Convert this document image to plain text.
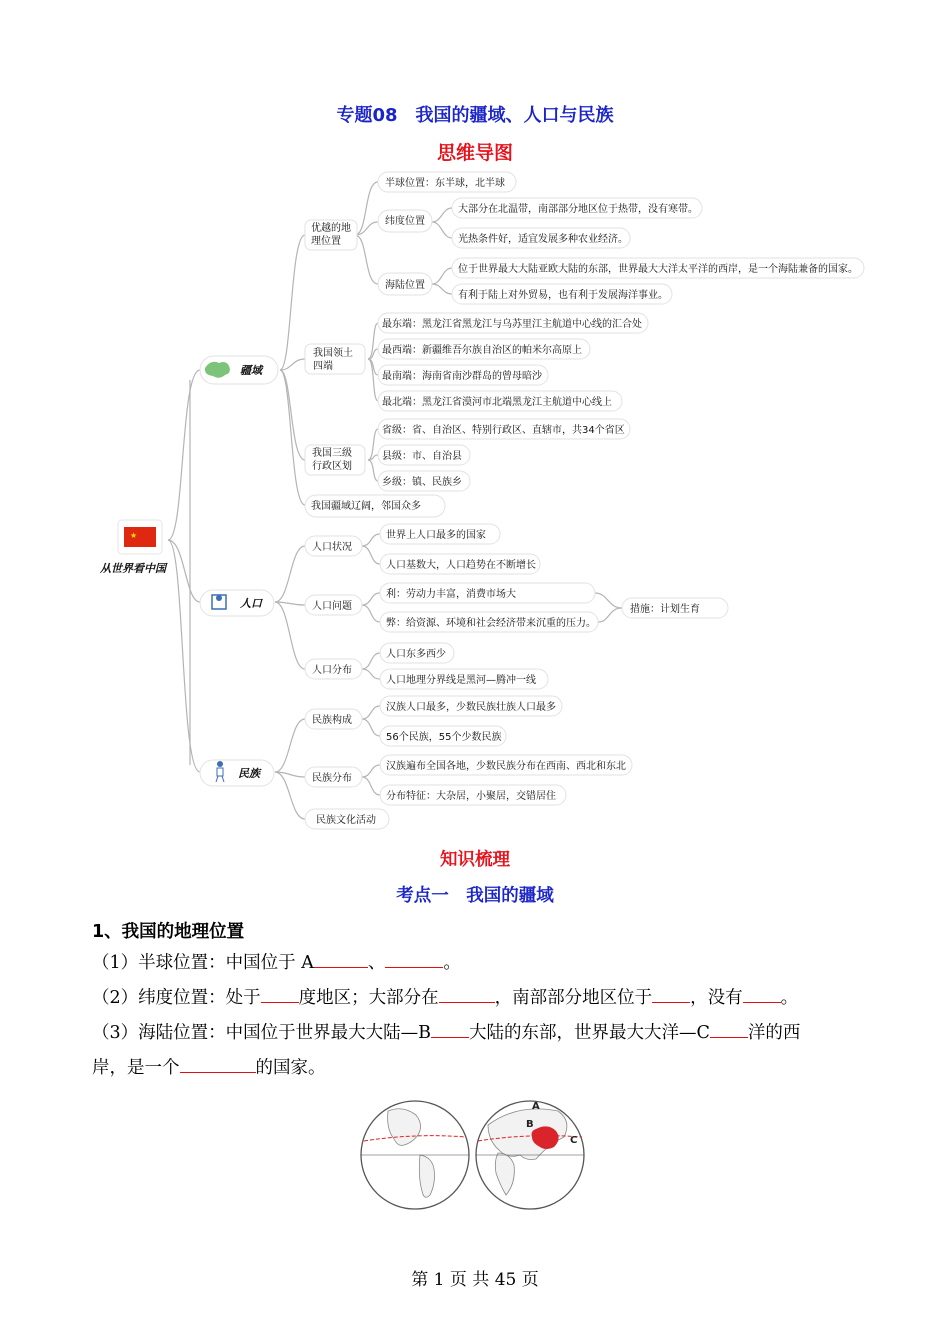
专题08　我国的疆域、人口与民族
思维导图
★
从世界看中国
疆域
人口
民族
优越的地
理位置
我国领土
四端
我国三级
行政区划
我国疆域辽阔，邻国众多
半球位置：东半球，北半球
纬度位置
大部分在北温带，南部部分地区位于热带，没有寒带。
光热条件好，适宜发展多种农业经济。
海陆位置
位于世界最大大陆亚欧大陆的东部，世界最大大洋太平洋的西岸，是一个海陆兼备的国家。
有利于陆上对外贸易，也有利于发展海洋事业。
最东端：黑龙江省黑龙江与乌苏里江主航道中心线的汇合处
最西端：新疆维吾尔族自治区的帕米尔高原上
最南端：海南省南沙群岛的曾母暗沙
最北端：黑龙江省漠河市北端黑龙江主航道中心线上
省级：省、自治区、特别行政区、直辖市，共34个省区
县级：市、自治县
乡级：镇、民族乡
人口状况
世界上人口最多的国家
人口基数大，人口趋势在不断增长
人口问题
利：劳动力丰富，消费市场大
弊：给资源、环境和社会经济带来沉重的压力。
措施：计划生育
人口分布
人口东多西少
人口地理分界线是黑河—腾冲一线
民族构成
汉族人口最多，少数民族壮族人口最多
56个民族，55个少数民族
民族分布
汉族遍布全国各地，少数民族分布在西南、西北和东北
分布特征：大杂居，小聚居，交错居住
民族文化活动
知识梳理
考点一　我国的疆域
1、我国的地理位置
（1）半球位置：中国位于 A	、	。
（2）纬度位置：处于 度地区；大部分在	，南部部分地区位于 ，没有 。
（3）海陆位置：中国位于世界最大大陆—B 大陆的东部，世界最大大洋—C 洋的西
岸，是一个	的国家。
A
B
C
第 1 页 共 45 页
